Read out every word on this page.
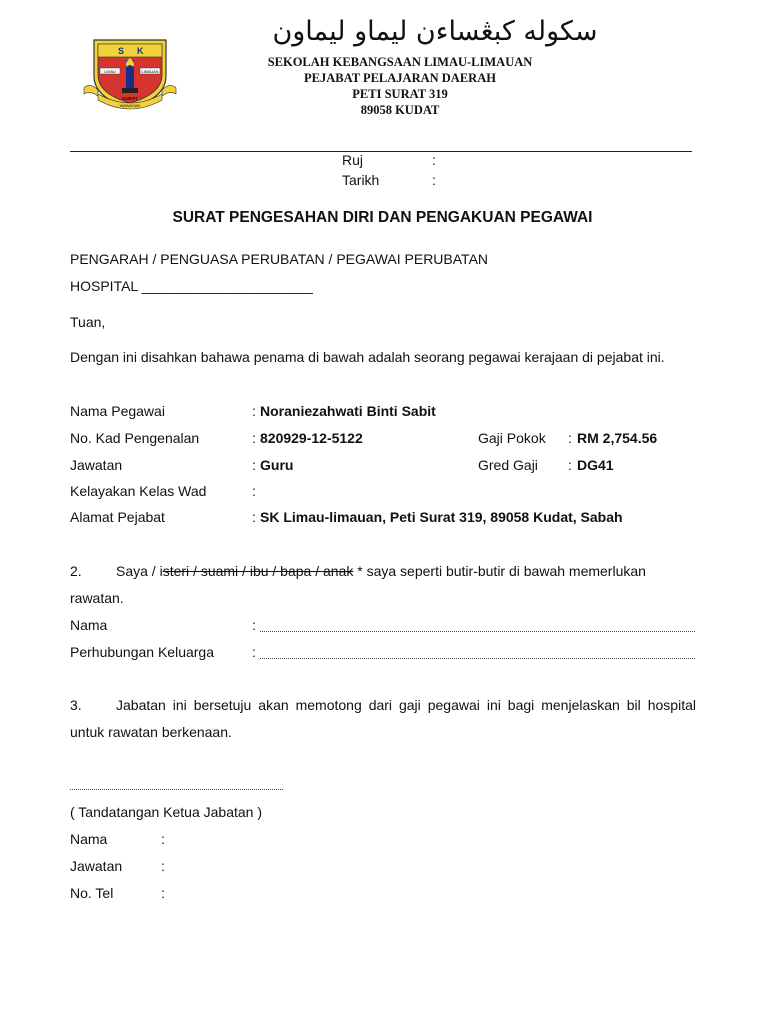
S K
LIMAU	LIMAUAN
KUDAT
WAWASAN
سکوله کبڠساءن ليماو ليماون
SEKOLAH KEBANGSAAN LIMAU-LIMAUAN
PEJABAT PELAJARAN DAERAH
PETI SURAT 319
89058 KUDAT
Ruj	:
Tarikh	:
SURAT PENGESAHAN DIRI DAN PENGAKUAN PEGAWAI
PENGARAH / PENGUASA PERUBATAN / PEGAWAI PERUBATAN
HOSPITAL ______________________
Tuan,
Dengan ini disahkan bahawa penama di bawah adalah seorang pegawai kerajaan di pejabat ini.
Nama Pegawai	: Noraniezahwati Binti Sabit
No. Kad Pengenalan	: 820929-12-5122	Gaji Pokok : RM 2,754.56
Jawatan	: Guru	Gred Gaji : DG41
Kelayakan Kelas Wad	:
Alamat Pejabat	: SK Limau-limauan, Peti Surat 319, 89058 Kudat, Sabah
2. Saya / isteri / suami / ibu / bapa / anak * saya seperti butir-butir di bawah memerlukan
rawatan.
Nama	:
Perhubungan Keluarga	:
3.	Jabatan ini bersetuju akan memotong dari gaji pegawai ini bagi menjelaskan bil hospital untuk rawatan berkenaan.
( Tandatangan Ketua Jabatan )
Nama	:
Jawatan	:
No. Tel	:
